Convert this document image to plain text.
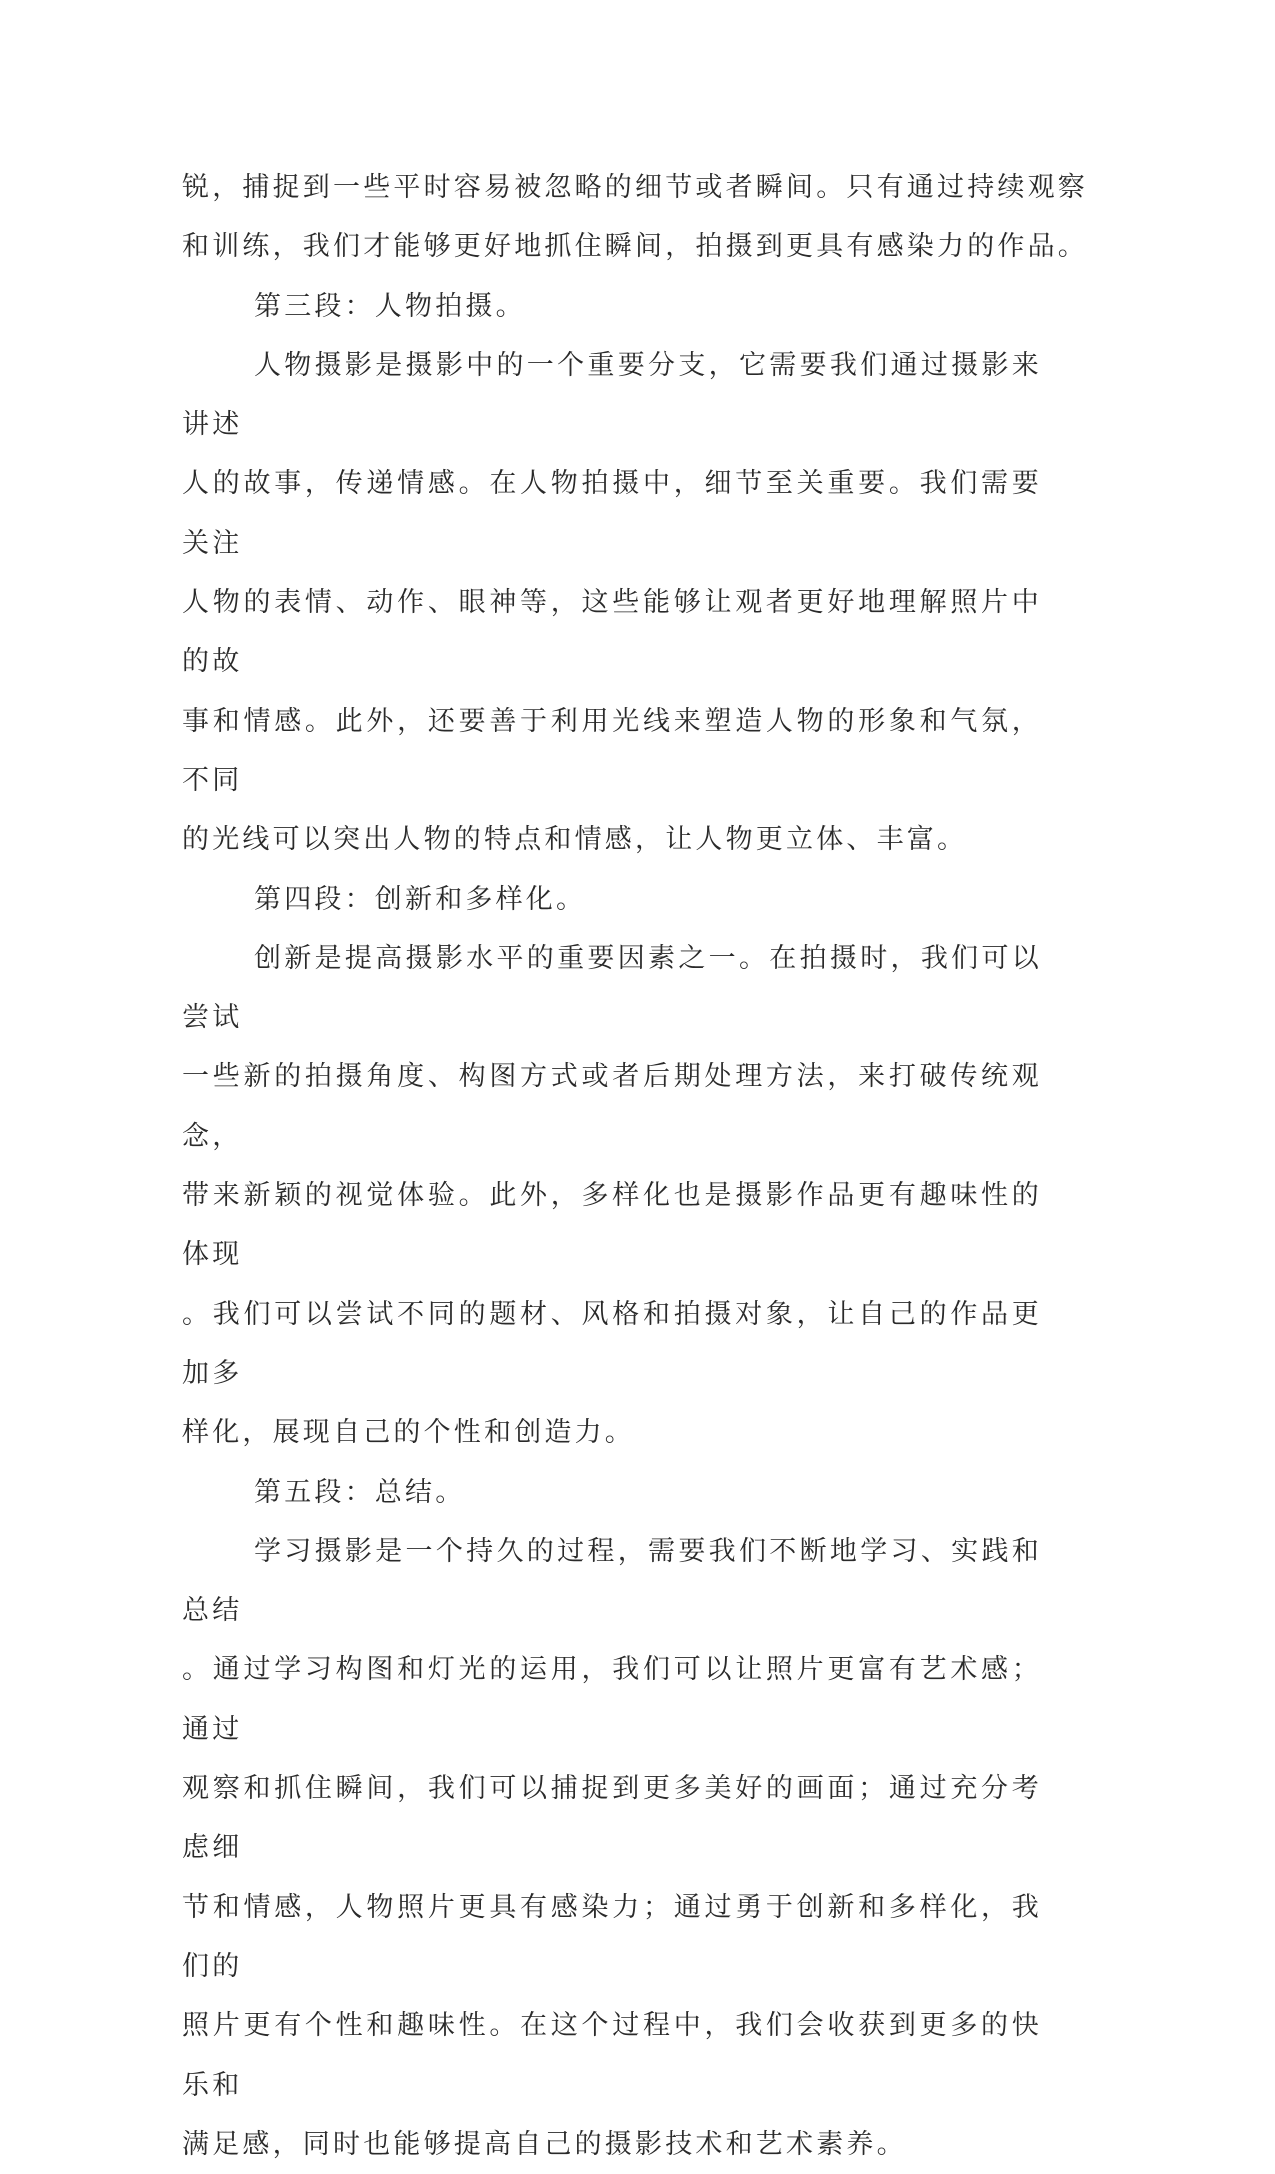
锐，捕捉到一些平时容易被忽略的细节或者瞬间。只有通过持续观察
和训练，我们才能够更好地抓住瞬间，拍摄到更具有感染力的作品。

第三段：人物拍摄。

人物摄影是摄影中的一个重要分支，它需要我们通过摄影来讲述
人的故事，传递情感。在人物拍摄中，细节至关重要。我们需要关注
人物的表情、动作、眼神等，这些能够让观者更好地理解照片中的故
事和情感。此外，还要善于利用光线来塑造人物的形象和气氛，不同
的光线可以突出人物的特点和情感，让人物更立体、丰富。

第四段：创新和多样化。

创新是提高摄影水平的重要因素之一。在拍摄时，我们可以尝试
一些新的拍摄角度、构图方式或者后期处理方法，来打破传统观念，
带来新颖的视觉体验。此外，多样化也是摄影作品更有趣味性的体现
。我们可以尝试不同的题材、风格和拍摄对象，让自己的作品更加多
样化，展现自己的个性和创造力。

第五段：总结。

学习摄影是一个持久的过程，需要我们不断地学习、实践和总结
。通过学习构图和灯光的运用，我们可以让照片更富有艺术感；通过
观察和抓住瞬间，我们可以捕捉到更多美好的画面；通过充分考虑细
节和情感，人物照片更具有感染力；通过勇于创新和多样化，我们的
照片更有个性和趣味性。在这个过程中，我们会收获到更多的快乐和
满足感，同时也能够提高自己的摄影技术和艺术素养。
